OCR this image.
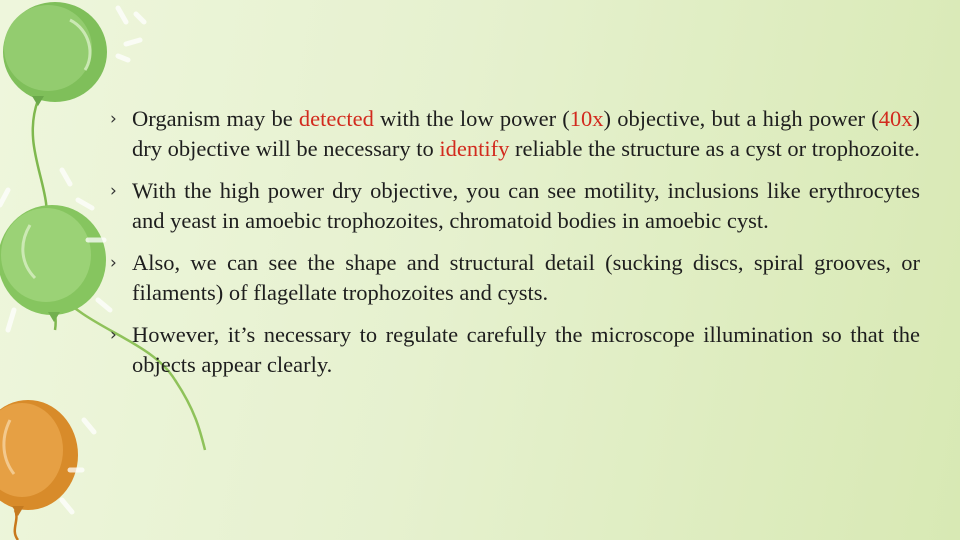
› Organism may be detected with the low power (10x) objective, but a high power (40x) dry objective will be necessary to identify reliable the structure as a cyst or trophozoite.
› With the high power dry objective, you can see motility, inclusions like erythrocytes and yeast in amoebic trophozoites, chromatoid bodies in amoebic cyst.
› Also, we can see the shape and structural detail (sucking discs, spiral grooves, or filaments) of flagellate trophozoites and cysts.
› However, it’s necessary to regulate carefully the microscope illumination so that the objects appear clearly.
